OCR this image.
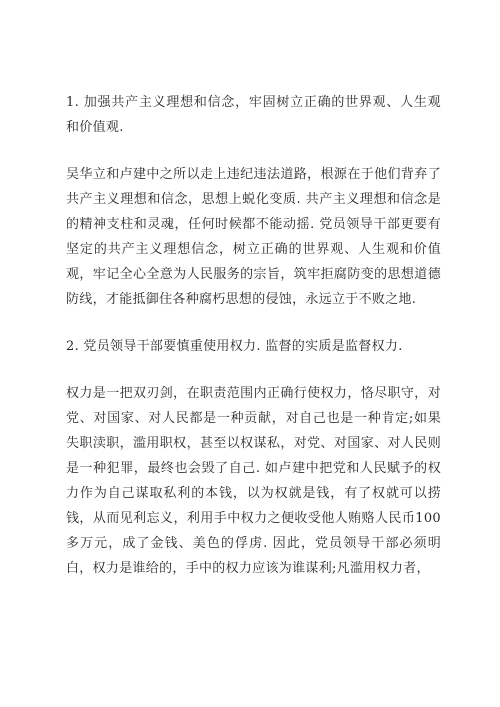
1. 加强共产主义理想和信念，牢固树立正确的世界观、人生观和价值观.

吴华立和卢建中之所以走上违纪违法道路，根源在于他们背弃了共产主义理想和信念，思想上蜕化变质. 共产主义理想和信念是的精神支柱和灵魂，任何时候都不能动摇. 党员领导干部更要有坚定的共产主义理想信念，树立正确的世界观、人生观和价值观，牢记全心全意为人民服务的宗旨，筑牢拒腐防变的思想道德防线，才能抵御住各种腐朽思想的侵蚀，永远立于不败之地.

2. 党员领导干部要慎重使用权力. 监督的实质是监督权力.

权力是一把双刃剑，在职责范围内正确行使权力，恪尽职守，对党、对国家、对人民都是一种贡献，对自己也是一种肯定;如果失职渎职，滥用职权，甚至以权谋私，对党、对国家、对人民则是一种犯罪，最终也会毁了自己. 如卢建中把党和人民赋予的权力作为自己谋取私利的本钱，以为权就是钱，有了权就可以捞钱，从而见利忘义，利用手中权力之便收受他人贿赂人民币100多万元，成了金钱、美色的俘虏. 因此，党员领导干部必须明白，权力是谁给的，手中的权力应该为谁谋利;凡滥用权力者，
